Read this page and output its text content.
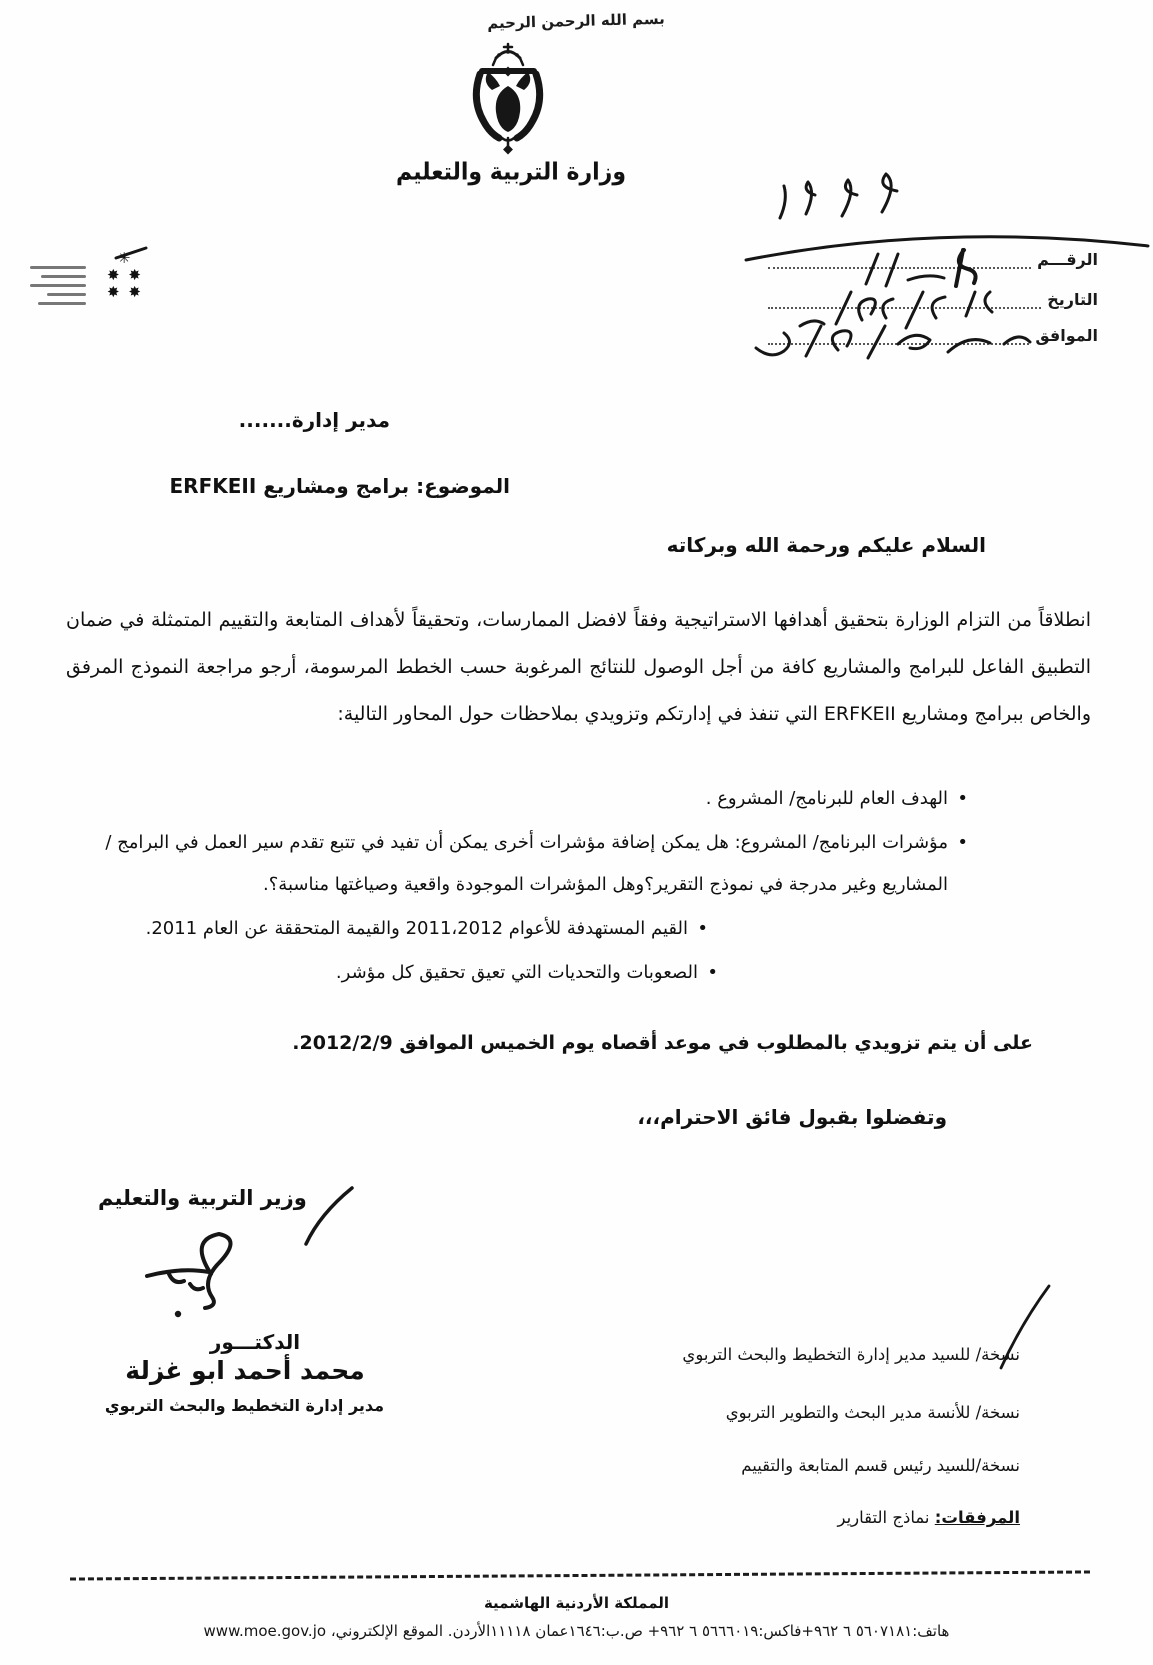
بسم الله الرحمن الرحيم
وزارة التربية والتعليم
الرقـــم
التاريخ
الموافق
✳
✸ ✸
✸ ✸
مدير إدارة.......
الموضوع: برامج ومشاريع ERFKEII
السلام عليكم ورحمة الله وبركاته
انطلاقاً من التزام الوزارة بتحقيق أهدافها الاستراتيجية وفقاً لافضل الممارسات، وتحقيقاً لأهداف المتابعة والتقييم المتمثلة في ضمان التطبيق الفاعل للبرامج والمشاريع كافة من أجل الوصول للنتائج المرغوبة حسب الخطط المرسومة، أرجو مراجعة النموذج المرفق والخاص ببرامج ومشاريع ERFKEII التي تنفذ في إدارتكم وتزويدي بملاحظات حول المحاور التالية:
• الهدف العام للبرنامج/ المشروع .
• مؤشرات البرنامج/ المشروع: هل يمكن إضافة مؤشرات أخرى يمكن أن تفيد في تتبع تقدم سير العمل في البرامج /المشاريع وغير مدرجة في نموذج التقرير؟وهل المؤشرات الموجودة واقعية وصياغتها مناسبة؟.
• القيم المستهدفة للأعوام 2011،2012 والقيمة المتحققة عن العام 2011.
• الصعوبات والتحديات التي تعيق تحقيق كل مؤشر.
على أن يتم تزويدي بالمطلوب في موعد أقصاه يوم الخميس الموافق 2012/2/9.
وتفضلوا بقبول فائق الاحترام،،،
وزير التربية والتعليم
الدكتـــور
محمد أحمد ابو غزلة
مدير إدارة التخطيط والبحث التربوي
نسخة/ للسيد مدير إدارة التخطيط والبحث التربوي
نسخة/ للأنسة مدير البحث والتطوير التربوي
نسخة/للسيد رئيس قسم المتابعة والتقييم
المرفقات: نماذج التقارير
المملكة الأردنية الهاشمية
هاتف:٥٦٠٧١٨١ ٦ ٩٦٢+فاكس:٥٦٦٦٠١٩ ٦ ٩٦٢+ ص.ب:١٦٤٦عمان ١١١١٨الأردن. الموقع الإلكتروني، www.moe.gov.jo
